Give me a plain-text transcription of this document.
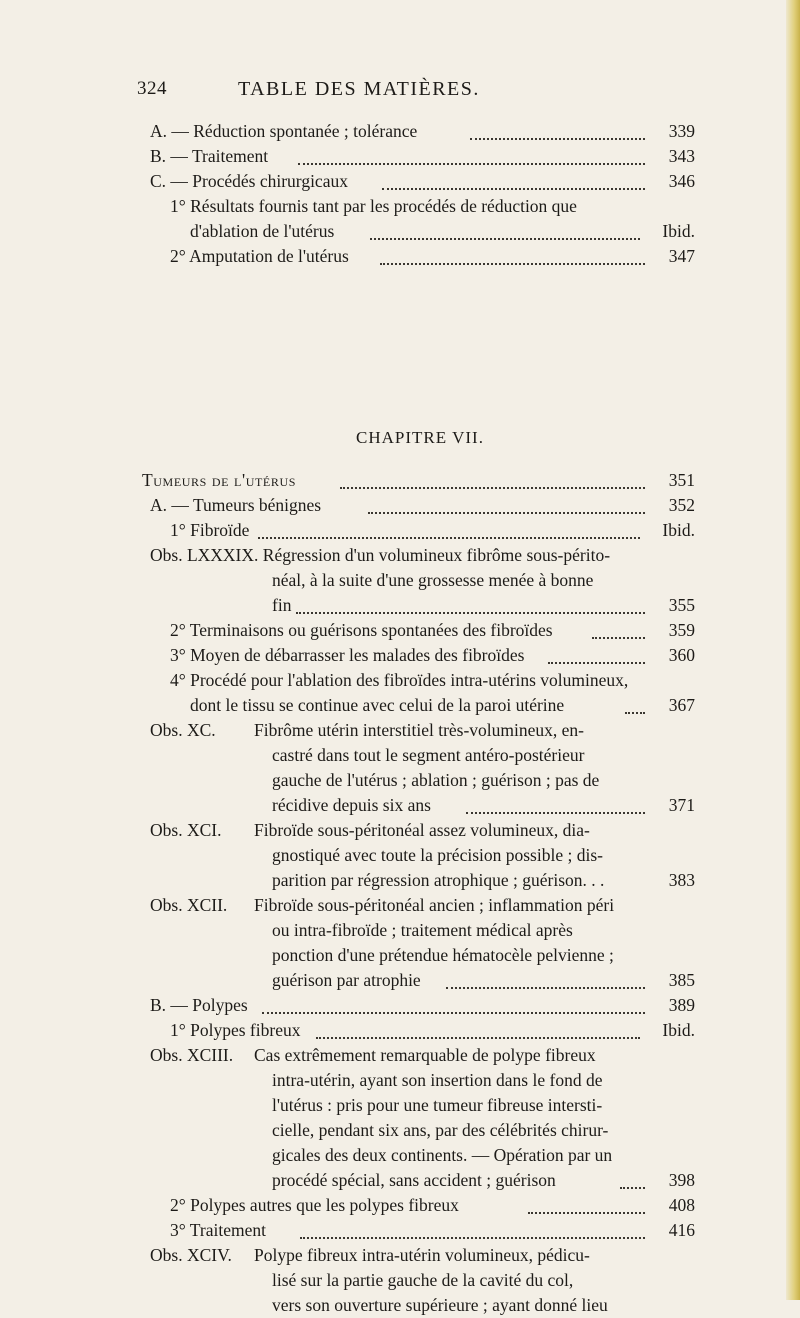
324	TABLE DES MATIÈRES.
A. — Réduction spontanée ; tolérance	339
B. — Traitement	343
C. — Procédés chirurgicaux	346
1° Résultats fournis tant par les procédés de réduction que
d'ablation de l'utérus	Ibid.
2° Amputation de l'utérus	347
CHAPITRE VII.
Tumeurs de l'utérus	351
A. — Tumeurs bénignes	352
1° Fibroïde	Ibid.
Obs. LXXXIX. Régression d'un volumineux fibrôme sous-périto-
néal, à la suite d'une grossesse menée à bonne
fin	355
2° Terminaisons ou guérisons spontanées des fibroïdes	359
3° Moyen de débarrasser les malades des fibroïdes	360
4° Procédé pour l'ablation des fibroïdes intra-utérins volumineux,
dont le tissu se continue avec celui de la paroi utérine	367
Obs. XC. Fibrôme utérin interstitiel très-volumineux, en-
castré dans tout le segment antéro-postérieur
gauche de l'utérus ; ablation ; guérison ; pas de
récidive depuis six ans	371
Obs. XCI. Fibroïde sous-péritonéal assez volumineux, dia-
gnostiqué avec toute la précision possible ; dis-
parition par régression atrophique ; guérison. . .	383
Obs. XCII. Fibroïde sous-péritonéal ancien ; inflammation péri
ou intra-fibroïde ; traitement médical après
ponction d'une prétendue hématocèle pelvienne ;
guérison par atrophie	385
B. — Polypes	389
1° Polypes fibreux	Ibid.
Obs. XCIII. Cas extrêmement remarquable de polype fibreux
intra-utérin, ayant son insertion dans le fond de
l'utérus : pris pour une tumeur fibreuse intersti-
cielle, pendant six ans, par des célébrités chirur-
gicales des deux continents. — Opération par un
procédé spécial, sans accident ; guérison	398
2° Polypes autres que les polypes fibreux	408
3° Traitement	416
Obs. XCIV. Polype fibreux intra-utérin volumineux, pédicu-
lisé sur la partie gauche de la cavité du col,
vers son ouverture supérieure ; ayant donné lieu
